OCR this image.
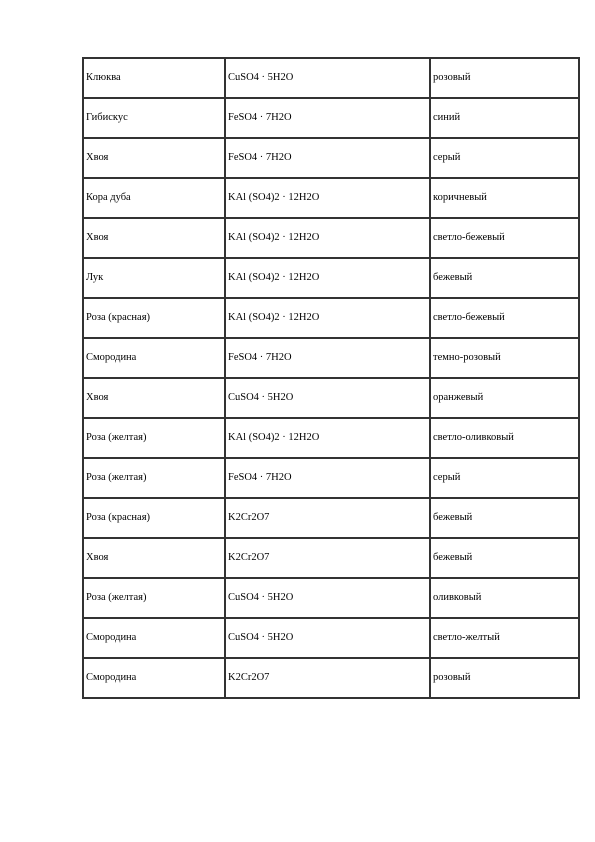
Клюква	CuSO4 · 5H2O	розовый
Гибискус	FeSO4 · 7H2O	синий
Хвоя	FeSO4 · 7H2O	серый
Кора дуба	KAl (SO4)2 · 12H2O	коричневый
Хвоя	KAl (SO4)2 · 12H2O	светло-бежевый
Лук	KAl (SO4)2 · 12H2O	бежевый
Роза (красная)	KAl (SO4)2 · 12H2O	светло-бежевый
Смородина	FeSO4 · 7H2O	темно-розовый
Хвоя	CuSO4 · 5H2O	оранжевый
Роза (желтая)	KAl (SO4)2 · 12H2O	светло-оливковый
Роза (желтая)	FeSO4 · 7H2O	серый
Роза (красная)	K2Cr2O7	бежевый
Хвоя	K2Cr2O7	бежевый
Роза (желтая)	CuSO4 · 5H2O	оливковый
Смородина	CuSO4 · 5H2O	светло-желтый
Смородина	K2Cr2O7	розовый
